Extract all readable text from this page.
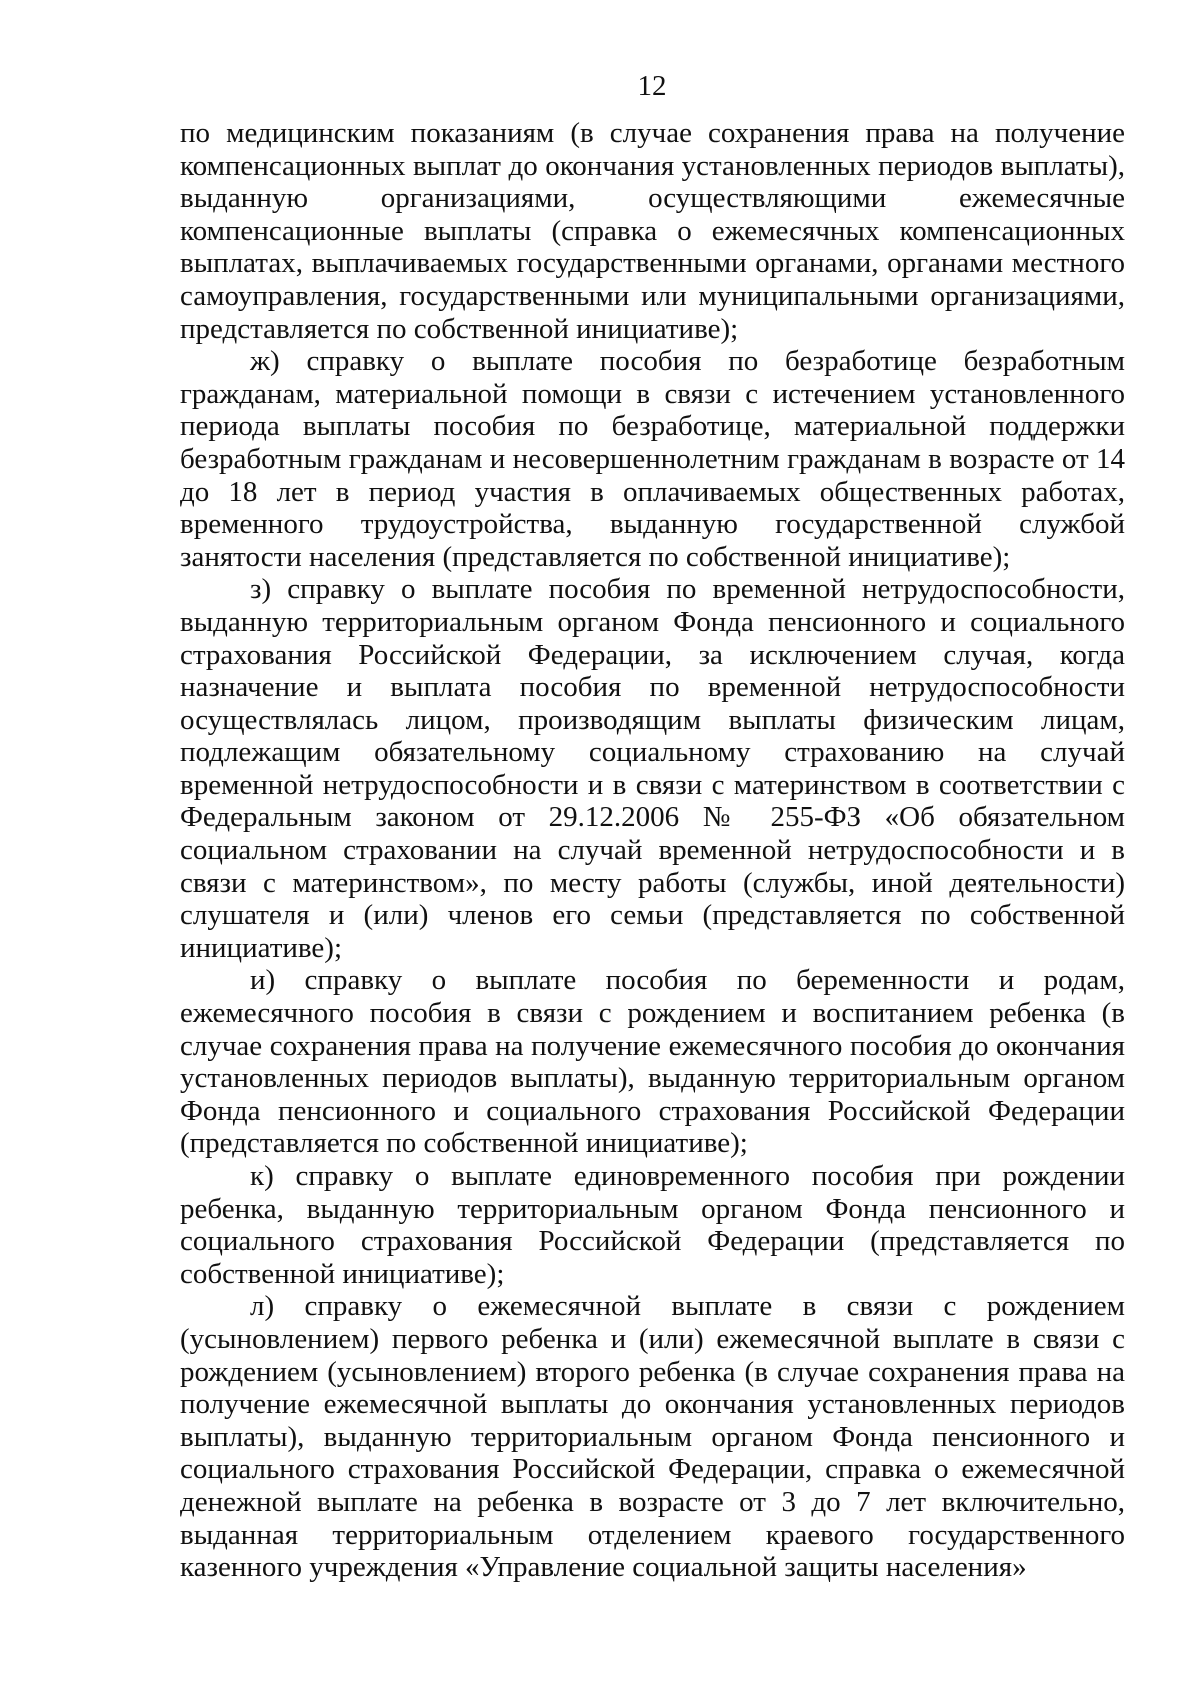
12

по медицинским показаниям (в случае сохранения права на получение компенсационных выплат до окончания установленных периодов выплаты), выданную организациями, осуществляющими ежемесячные компенсационные выплаты (справка о ежемесячных компенсационных выплатах, выплачиваемых государственными органами, органами местного самоуправления, государственными или муниципальными организациями, представляется по собственной инициативе);

ж) справку о выплате пособия по безработице безработным гражданам, материальной помощи в связи с истечением установленного периода выплаты пособия по безработице, материальной поддержки безработным гражданам и несовершеннолетним гражданам в возрасте от 14 до 18 лет в период участия в оплачиваемых общественных работах, временного трудоустройства, выданную государственной службой занятости населения (представляется по собственной инициативе);

з) справку о выплате пособия по временной нетрудоспособности, выданную территориальным органом Фонда пенсионного и социального страхования Российской Федерации, за исключением случая, когда назначение и выплата пособия по временной нетрудоспособности осуществлялась лицом, производящим выплаты физическим лицам, подлежащим обязательному социальному страхованию на случай временной нетрудоспособности и в связи с материнством в соответствии с Федеральным законом от 29.12.2006 № 255-ФЗ «Об обязательном социальном страховании на случай временной нетрудоспособности и в связи с материнством», по месту работы (службы, иной деятельности) слушателя и (или) членов его семьи (представляется по собственной инициативе);

и) справку о выплате пособия по беременности и родам, ежемесячного пособия в связи с рождением и воспитанием ребенка (в случае сохранения права на получение ежемесячного пособия до окончания установленных периодов выплаты), выданную территориальным органом Фонда пенсионного и социального страхования Российской Федерации (представляется по собственной инициативе);

к) справку о выплате единовременного пособия при рождении ребенка, выданную территориальным органом Фонда пенсионного и социального страхования Российской Федерации (представляется по собственной инициативе);

л) справку о ежемесячной выплате в связи с рождением (усыновлением) первого ребенка и (или) ежемесячной выплате в связи с рождением (усыновлением) второго ребенка (в случае сохранения права на получение ежемесячной выплаты до окончания установленных периодов выплаты), выданную территориальным органом Фонда пенсионного и социального страхования Российской Федерации, справка о ежемесячной денежной выплате на ребенка в возрасте от 3 до 7 лет включительно, выданная территориальным отделением краевого государственного казенного учреждения «Управление социальной защиты населения»
